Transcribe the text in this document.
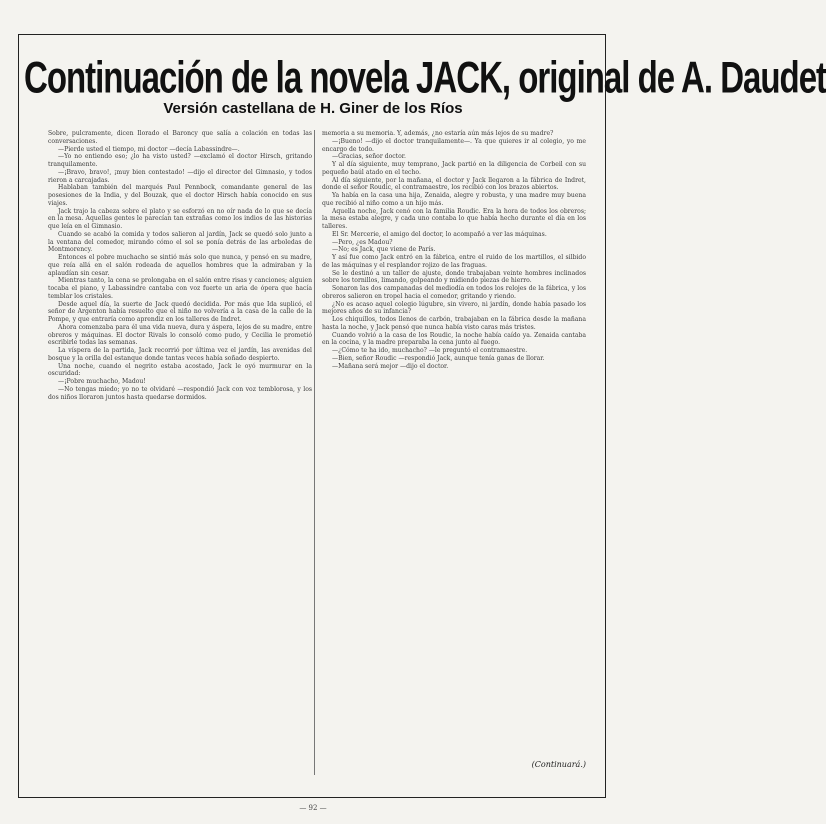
Continuación de la novela JACK, original de A. Daudet
Versión castellana de H. Giner de los Ríos

Sobre, pulcramente, dicen Ilorado el Baroncy que salía a colación en todas las conversaciones.

—Pierde usted el tiempo, mi doctor —decía Labassindre—.

—Yo no entiendo eso; ¿lo ha visto usted? —exclamó el doctor Hirsch, gritando tranquilamente.

—¡Bravo, bravo!, ¡muy bien contestado! —dijo el director del Gimnasio, y todos rieron a carcajadas.

Hablaban también del marqués Paul Pennbock, comandante general de las posesiones de la India, y del Bouzak, que el doctor Hirsch había conocido en sus viajes.

Jack trajo la cabeza sobre el plato y se esforzó en no oír nada de lo que se decía en la mesa. Aquellas gentes le parecían tan extrañas como los indios de las historias que leía en el Gimnasio.

Cuando se acabó la comida y todos salieron al jardín, Jack se quedó solo junto a la ventana del comedor, mirando cómo el sol se ponía detrás de las arboledas de Montmorency.

Entonces el pobre muchacho se sintió más solo que nunca, y pensó en su madre, que reía allá en el salón rodeada de aquellos hombres que la admiraban y la aplaudían sin cesar.

Mientras tanto, la cena se prolongaba en el salón entre risas y canciones; alguien tocaba el piano, y Labassindre cantaba con voz fuerte un aria de ópera que hacía temblar los cristales.

Desde aquel día, la suerte de Jack quedó decidida. Por más que Ida suplicó, el señor de Argenton había resuelto que el niño no volvería a la casa de la calle de la Pompe, y que entraría como aprendiz en los talleres de Indret.

Ahora comenzaba para él una vida nueva, dura y áspera, lejos de su madre, entre obreros y máquinas. El doctor Rivals lo consoló como pudo, y Cecilia le prometió escribirle todas las semanas.

La víspera de la partida, Jack recorrió por última vez el jardín, las avenidas del bosque y la orilla del estanque donde tantas veces había soñado despierto.

Una noche, cuando el negrito estaba acostado, Jack le oyó murmurar en la oscuridad:

—¡Pobre muchacho, Madou!

—No tengas miedo; yo no te olvidaré —respondió Jack con voz temblorosa, y los dos niños lloraron juntos hasta quedarse dormidos.

memoria a su memoria. Y, además, ¿no estaría aún más lejos de su madre?

—¡Bueno! —dijo el doctor tranquilamente—. Ya que quieres ir al colegio, yo me encargo de todo.

—Gracias, señor doctor.

Y al día siguiente, muy temprano, Jack partió en la diligencia de Corbeil con su pequeño baúl atado en el techo.

Al día siguiente, por la mañana, el doctor y Jack llegaron a la fábrica de Indret, donde el señor Roudic, el contramaestre, los recibió con los brazos abiertos.

Ya había en la casa una hija, Zenaida, alegre y robusta, y una madre muy buena que recibió al niño como a un hijo más.

Aquella noche, Jack cenó con la familia Roudic. Era la hora de todos los obreros; la mesa estaba alegre, y cada uno contaba lo que había hecho durante el día en los talleres.

El Sr. Mercerie, el amigo del doctor, lo acompañó a ver las máquinas.

—Pero, ¿es Madou?

—No; es Jack, que viene de París.

Y así fue como Jack entró en la fábrica, entre el ruido de los martillos, el silbido de las máquinas y el resplandor rojizo de las fraguas.

Se le destinó a un taller de ajuste, donde trabajaban veinte hombres inclinados sobre los tornillos, limando, golpeando y midiendo piezas de hierro.

Sonaron las dos campanadas del mediodía en todos los relojes de la fábrica, y los obreros salieron en tropel hacia el comedor, gritando y riendo.

¿No es acaso aquel colegio lúgubre, sin vivero, ni jardín, donde había pasado los mejores años de su infancia?

Los chiquillos, todos llenos de carbón, trabajaban en la fábrica desde la mañana hasta la noche, y Jack pensó que nunca había visto caras más tristes.

Cuando volvió a la casa de los Roudic, la noche había caído ya. Zenaida cantaba en la cocina, y la madre preparaba la cena junto al fuego.

—¿Cómo te ha ido, muchacho? —le preguntó el contramaestre.

—Bien, señor Roudic —respondió Jack, aunque tenía ganas de llorar.

—Mañana será mejor —dijo el doctor.

(Continuará.)
— 92 —
